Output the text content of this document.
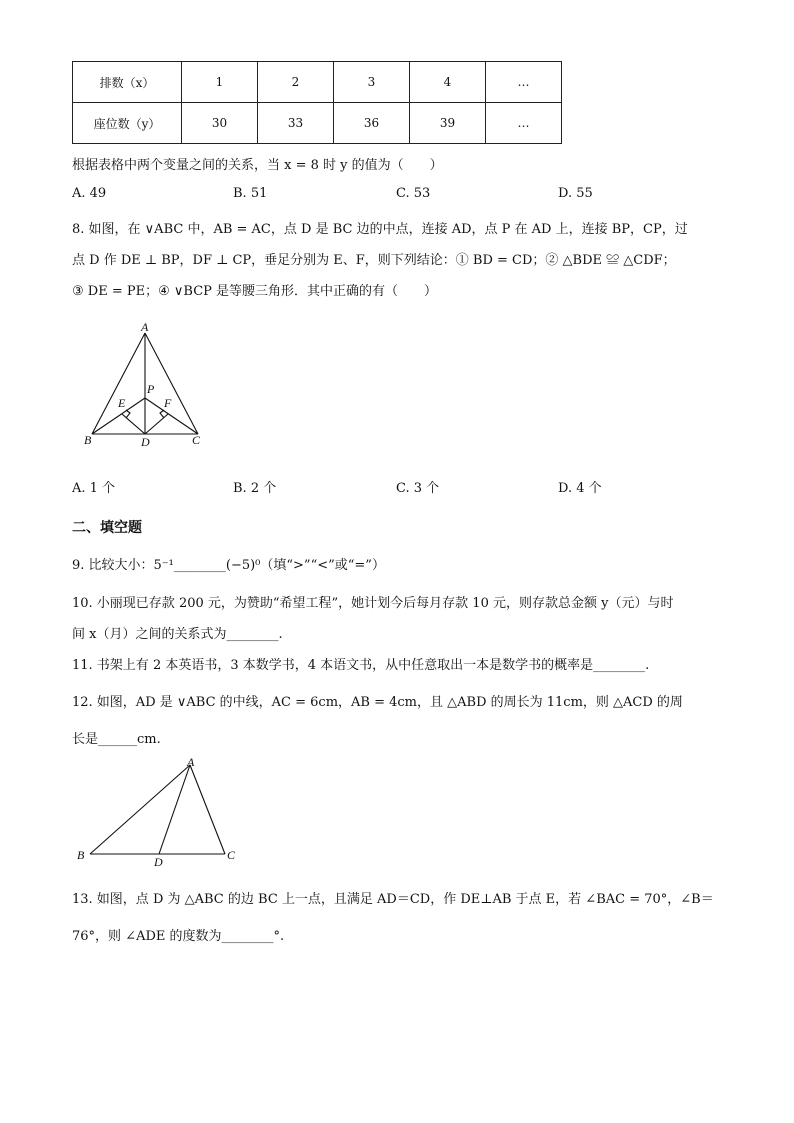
排数（x）	1	2	3	4	…
座位数（y）	30	33	36	39	…
根据表格中两个变量之间的关系，当 x = 8 时 y 的值为（　　）
A. 49	B. 51	C. 53	D. 55
8. 如图，在 ∨ABC 中，AB = AC，点 D 是 BC 边的中点，连接 AD，点 P 在 AD 上，连接 BP，CP，过
点 D 作 DE ⊥ BP，DF ⊥ CP，垂足分别为 E、F，则下列结论：① BD = CD；② △BDE ≌ △CDF；
③ DE = PE；④ ∨BCP 是等腰三角形．其中正确的有（　　）
A
B	C
D
E	F
P
A. 1 个	B. 2 个	C. 3 个	D. 4 个
二、填空题
9. 比较大小：5⁻¹________(−5)⁰（填“>”“<”或“=”）
10. 小丽现已存款 200 元，为赞助“希望工程”，她计划今后每月存款 10 元，则存款总金额 y（元）与时
间 x（月）之间的关系式为________.
11. 书架上有 2 本英语书，3 本数学书，4 本语文书，从中任意取出一本是数学书的概率是________.
12. 如图，AD 是 ∨ABC 的中线，AC = 6cm，AB = 4cm，且 △ABD 的周长为 11cm，则 △ACD 的周
长是______cm.
A
B	C
D
13. 如图，点 D 为 △ABC 的边 BC 上一点，且满足 AD＝CD，作 DE⊥AB 于点 E，若 ∠BAC = 70°，∠B＝
76°，则 ∠ADE 的度数为________°.
